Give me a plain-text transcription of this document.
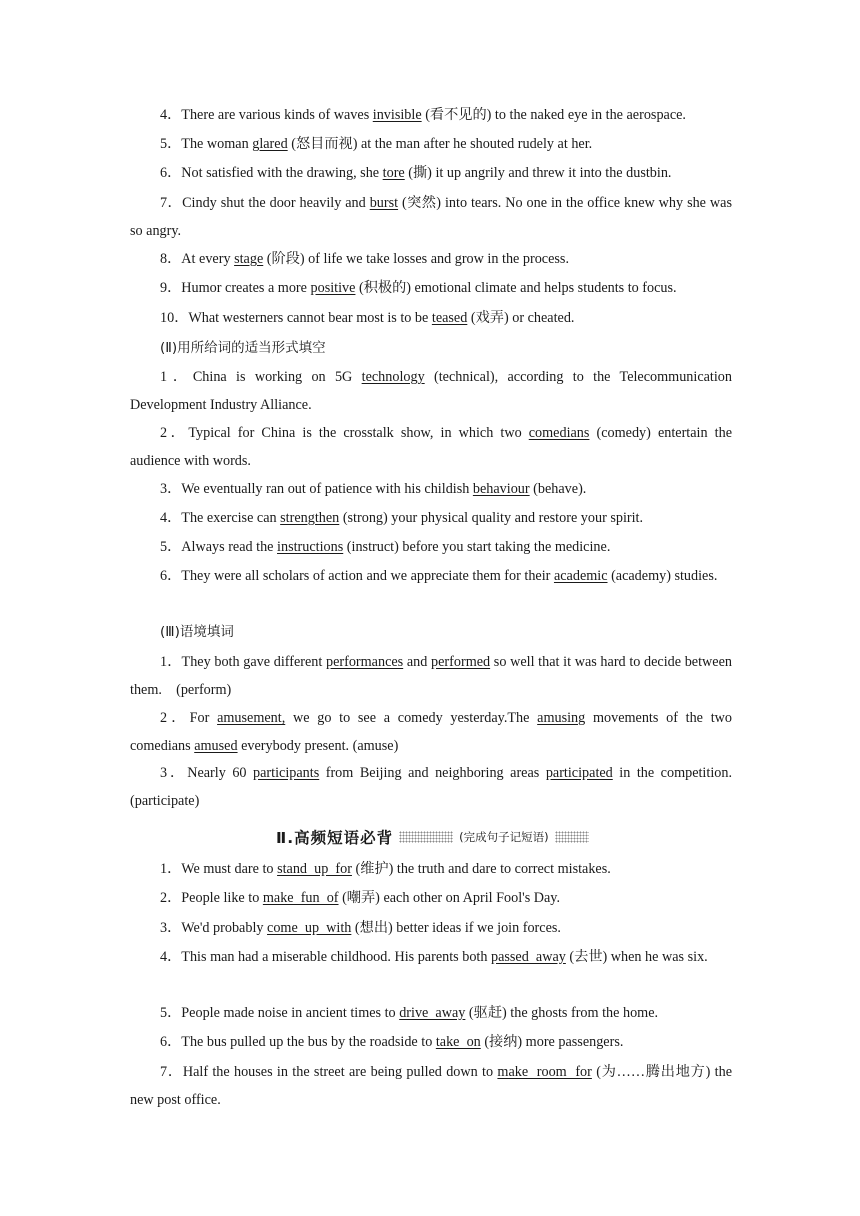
4．There are various kinds of waves invisible (看不见的) to the naked eye in the aerospace.

5．The woman glared (怒目而视) at the man after he shouted rudely at her.

6．Not satisfied with the drawing, she tore (撕) it up angrily and threw it into the dustbin.

7．Cindy shut the door heavily and burst (突然) into tears. No one in the office knew why she was so angry.

8．At every stage (阶段) of life we take losses and grow in the process.

9．Humor creates a more positive (积极的) emotional climate and helps students to focus.

10．What westerners cannot bear most is to be teased (戏弄) or cheated.

(Ⅱ)用所给词的适当形式填空

1．China is working on 5G technology (technical), according to the Telecommunication Development Industry Alliance.

2．Typical for China is the crosstalk show, in which two comedians (comedy) entertain the audience with words.

3．We eventually ran out of patience with his childish behaviour (behave).

4．The exercise can strengthen (strong) your physical quality and restore your spirit.

5．Always read the instructions (instruct) before you start taking the medicine.

6．They were all scholars of action and we appreciate them for their academic (academy) studies.

(Ⅲ)语境填词

1．They both gave different performances and performed so well that it was hard to decide between them.    (perform)

2．For amusement, we go to see a comedy yesterday.The amusing movements of the two comedians amused everybody present. (amuse)

3．Nearly 60 participants from Beijing and neighboring areas participated in the competition. (participate)

Ⅱ.高频短语必背	(完成句子记短语)

1．We must dare to stand  up  for (维护) the truth and dare to correct mistakes.

2．People like to make  fun  of (嘲弄) each other on April Fool's Day.

3．We'd probably come  up  with (想出) better ideas if we join forces.

4．This man had a miserable childhood. His parents both passed  away (去世) when he was six.

5．People made noise in ancient times to drive  away (驱赶) the ghosts from the home.

6．The bus pulled up the bus by the roadside to take  on (接纳) more passengers.

7．Half the houses in the street are being pulled down to make  room  for (为……腾出地方) the new post office.
